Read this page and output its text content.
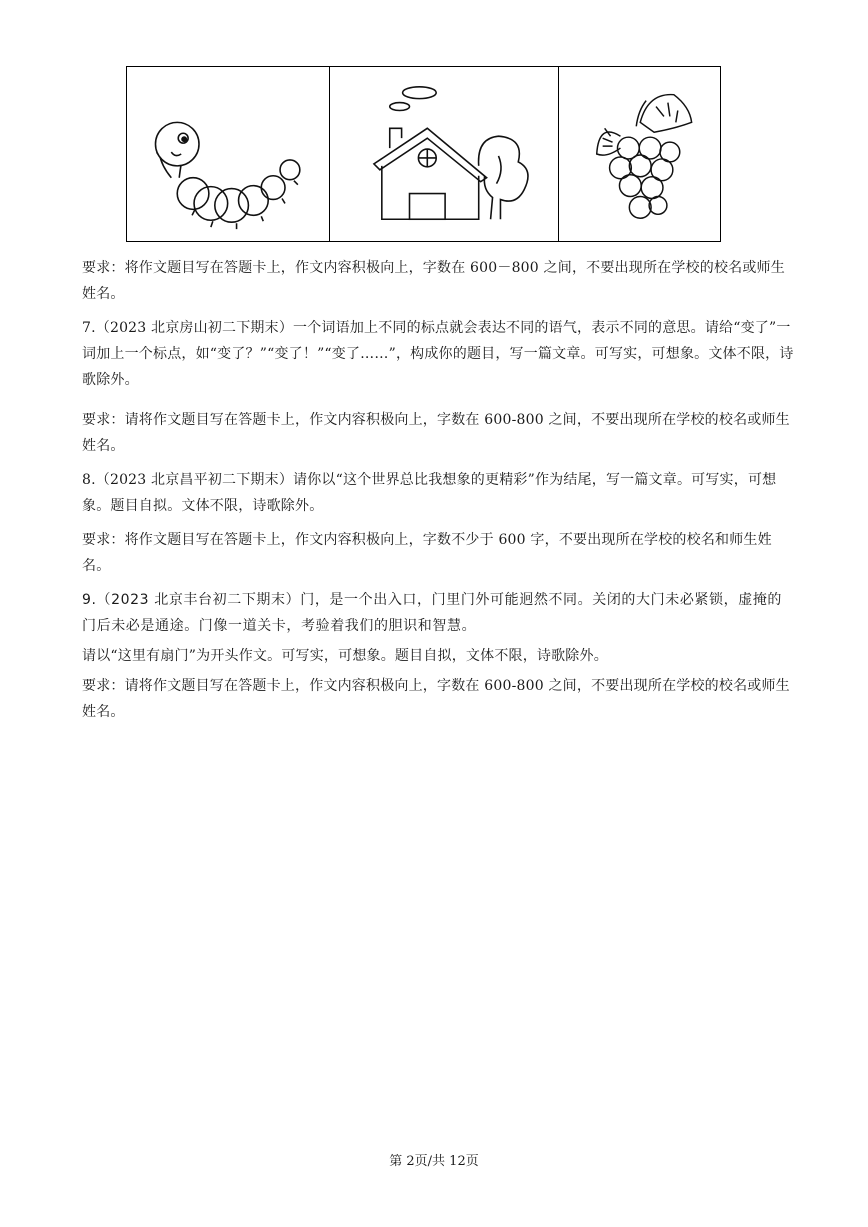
要求：将作文题目写在答题卡上，作文内容积极向上，字数在 600－800 之间，不要出现所在学校的校名或师生姓名。

7.（2023 北京房山初二下期末）一个词语加上不同的标点就会表达不同的语气，表示不同的意思。请给“变了”一词加上一个标点，如“变了？”“变了！”“变了……”，构成你的题目，写一篇文章。可写实，可想象。文体不限，诗歌除外。

要求：请将作文题目写在答题卡上，作文内容积极向上，字数在 600-800 之间，不要出现所在学校的校名或师生姓名。

8.（2023 北京昌平初二下期末）请你以“这个世界总比我想象的更精彩”作为结尾，写一篇文章。可写实，可想象。题目自拟。文体不限，诗歌除外。

要求：将作文题目写在答题卡上，作文内容积极向上，字数不少于 600 字，不要出现所在学校的校名和师生姓名。

9.（2023 北京丰台初二下期末）门，是一个出入口，门里门外可能迥然不同。关闭的大门未必紧锁，虚掩的门后未必是通途。门像一道关卡，考验着我们的胆识和智慧。

请以“这里有扇门”为开头作文。可写实，可想象。题目自拟，文体不限，诗歌除外。

要求：请将作文题目写在答题卡上，作文内容积极向上，字数在 600-800 之间，不要出现所在学校的校名或师生姓名。

第 2页/共 12页
